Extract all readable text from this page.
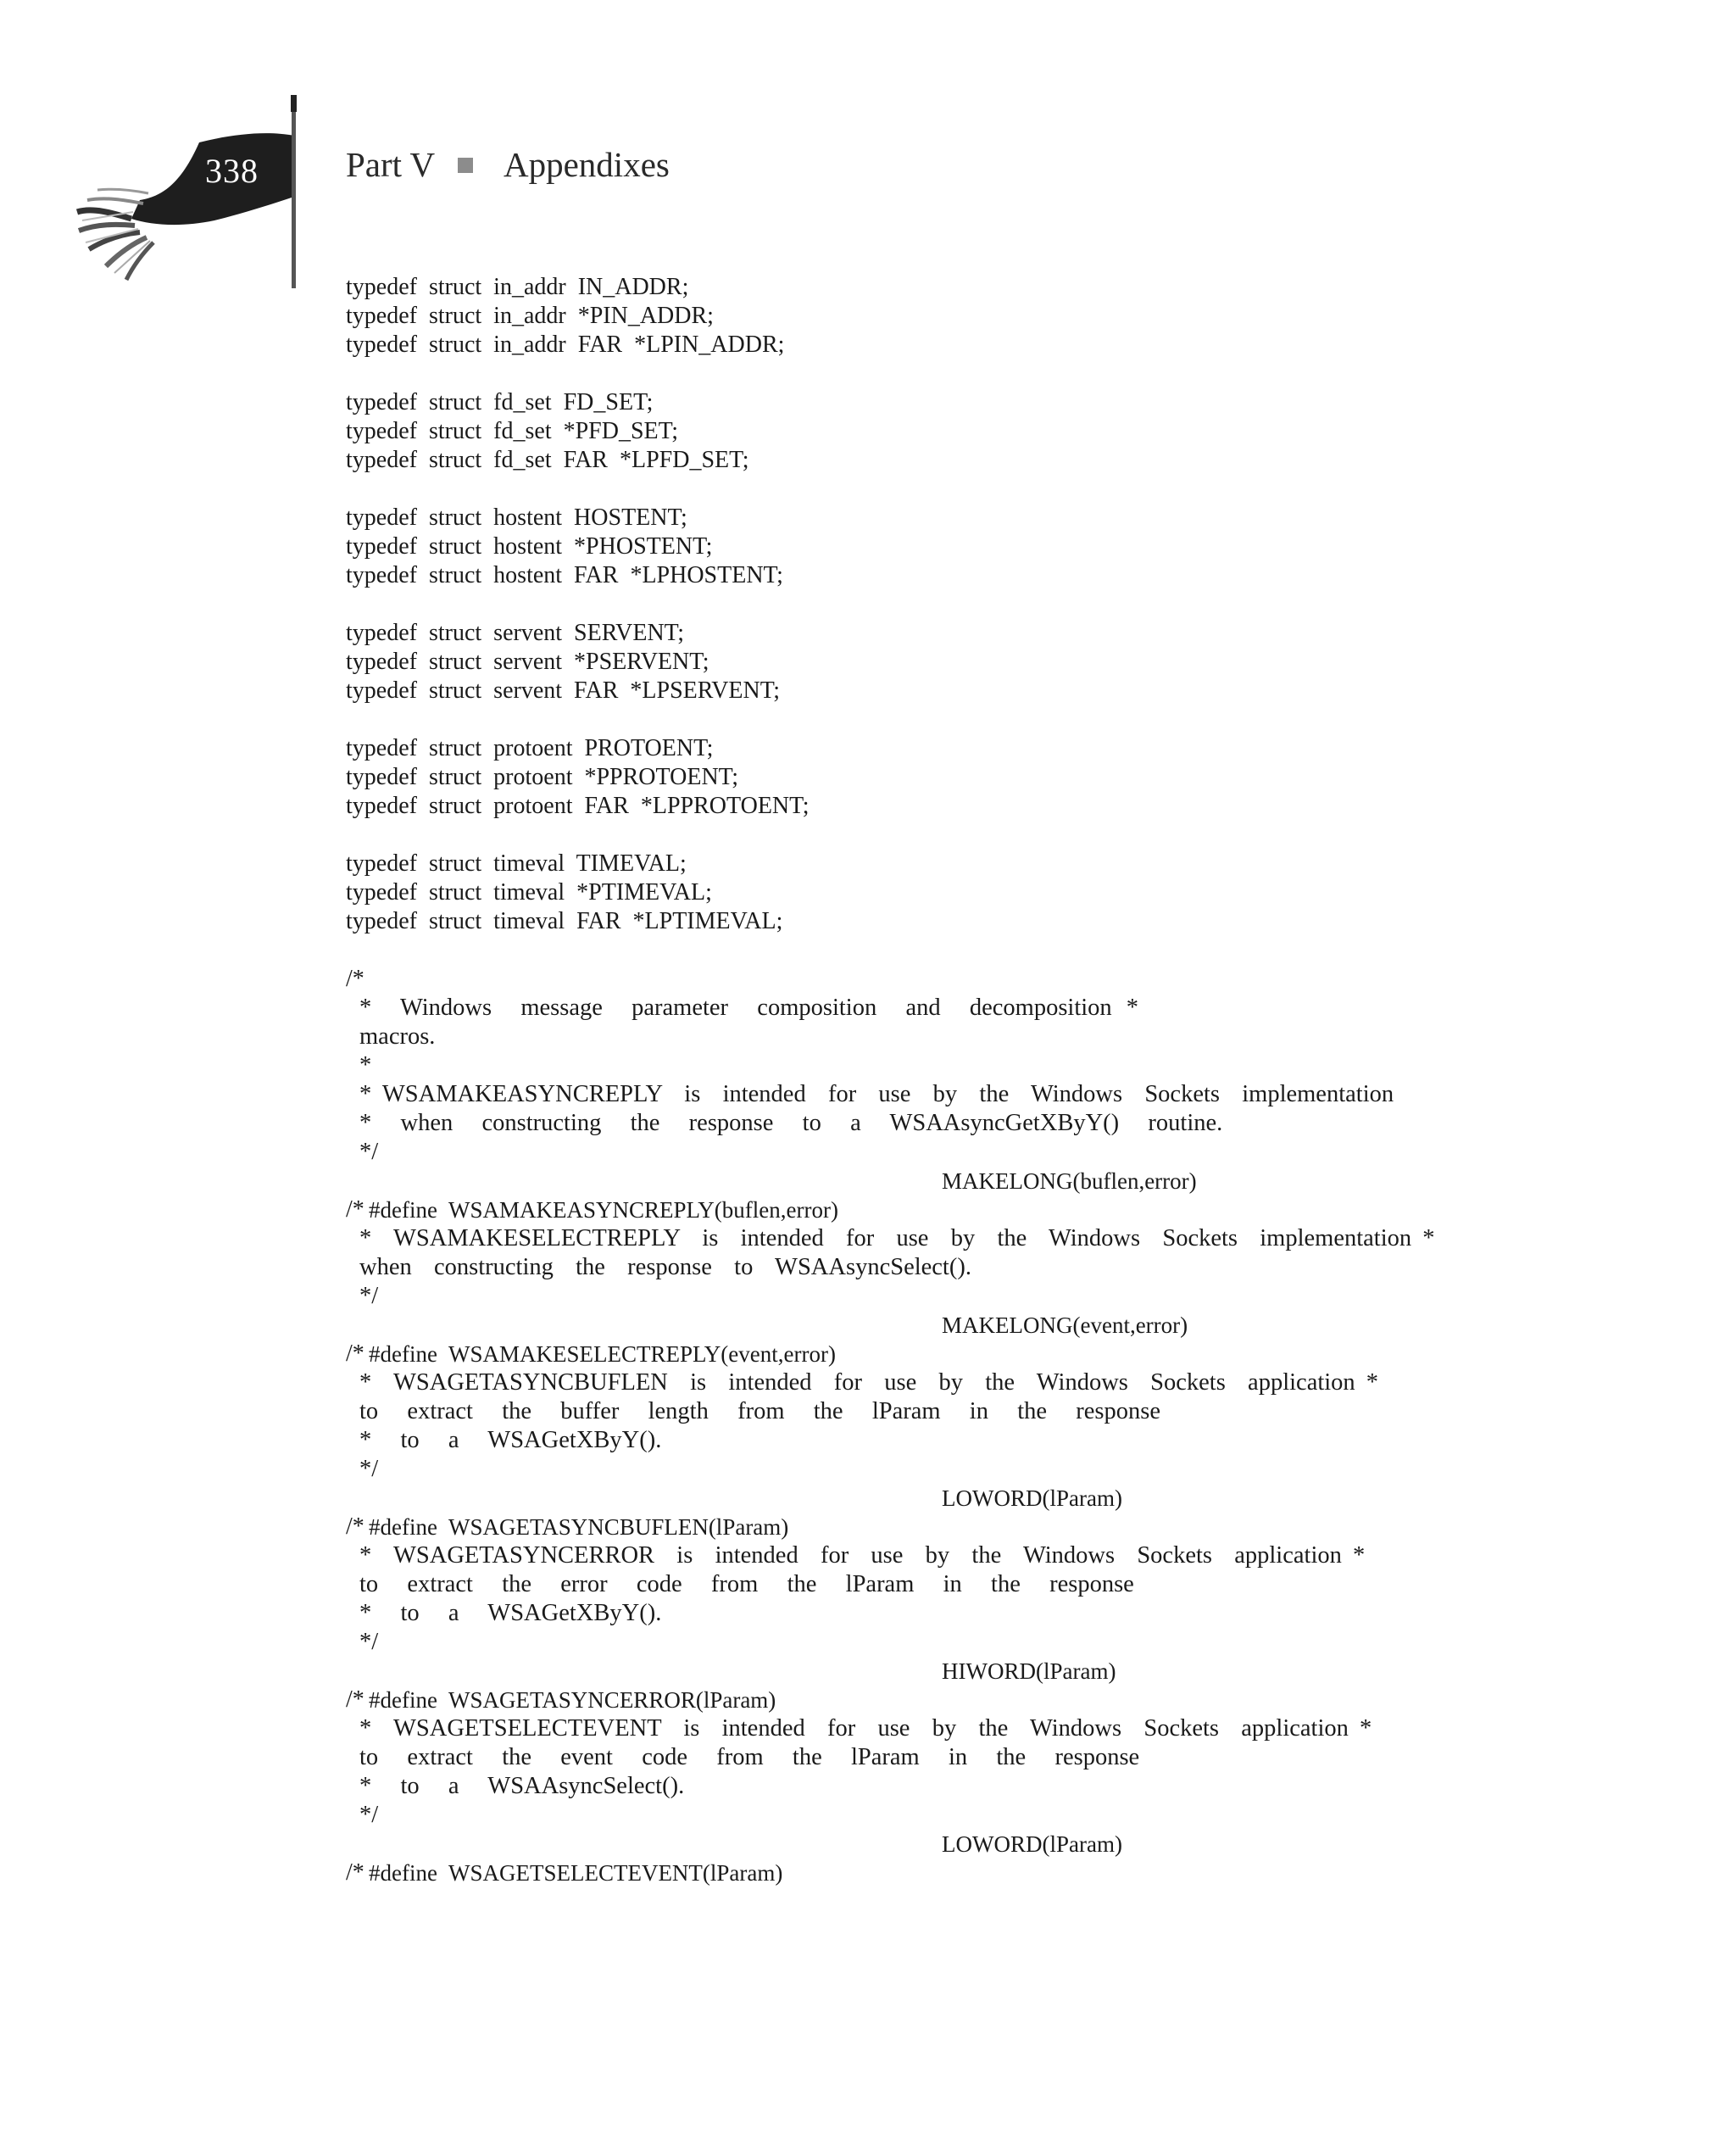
338	Part V Appendixes
typedef  struct  in_addr  IN_ADDR;
typedef  struct  in_addr  *PIN_ADDR;
typedef  struct  in_addr  FAR  *LPIN_ADDR;
typedef  struct  fd_set  FD_SET;
typedef  struct  fd_set  *PFD_SET;
typedef  struct  fd_set  FAR  *LPFD_SET;
typedef  struct  hostent  HOSTENT;
typedef  struct  hostent  *PHOSTENT;
typedef  struct  hostent  FAR  *LPHOSTENT;
typedef  struct  servent  SERVENT;
typedef  struct  servent  *PSERVENT;
typedef  struct  servent  FAR  *LPSERVENT;
typedef  struct  protoent  PROTOENT;
typedef  struct  protoent  *PPROTOENT;
typedef  struct  protoent  FAR  *LPPROTOENT;
typedef  struct  timeval  TIMEVAL;
typedef  struct  timeval  *PTIMEVAL;
typedef  struct  timeval  FAR  *LPTIMEVAL;
/*
*  Windows  message  parameter  composition  and  decomposition *
macros.
*
* WSAMAKEASYNCREPLY  is  intended  for  use  by  the  Windows  Sockets  implementation
*  when  constructing  the  response  to  a  WSAAsyncGetXByY()  routine.
*/

#define  WSAMAKEASYNCREPLY(buflen,error)

MAKELONG(buflen,error)

/*
*  WSAMAKESELECTREPLY  is  intended  for  use  by  the  Windows  Sockets  implementation *
when  constructing  the  response  to  WSAAsyncSelect().
*/

#define  WSAMAKESELECTREPLY(event,error)

MAKELONG(event,error)

/*
*  WSAGETASYNCBUFLEN  is  intended  for  use  by  the  Windows  Sockets  application *
to  extract  the  buffer  length  from  the  lParam  in  the  response
*  to  a  WSAGetXByY().
*/

#define  WSAGETASYNCBUFLEN(lParam)

LOWORD(lParam)

/*
*  WSAGETASYNCERROR  is  intended  for  use  by  the  Windows  Sockets  application *
to  extract  the  error  code  from  the  lParam  in  the  response
*  to  a  WSAGetXByY().
*/

#define  WSAGETASYNCERROR(lParam)

HIWORD(lParam)

/*
*  WSAGETSELECTEVENT  is  intended  for  use  by  the  Windows  Sockets  application *
to  extract  the  event  code  from  the  lParam  in  the  response
*  to  a  WSAAsyncSelect().
*/

#define  WSAGETSELECTEVENT(lParam)

LOWORD(lParam)

/*
